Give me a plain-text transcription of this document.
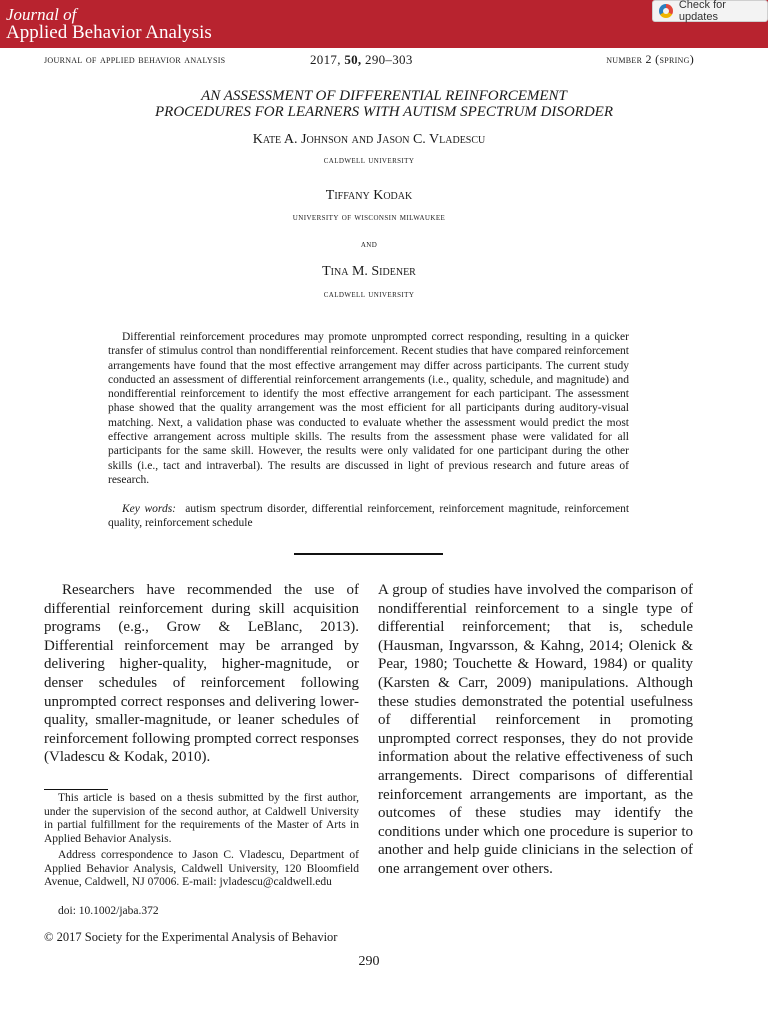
Journal of
Applied Behavior Analysis
Check for updates
journal of applied behavior analysis	2017, 50, 290–303	number 2 (spring)
AN ASSESSMENT OF DIFFERENTIAL REINFORCEMENT
PROCEDURES FOR LEARNERS WITH AUTISM SPECTRUM DISORDER
Kate A. Johnson and Jason C. Vladescu
caldwell university
Tiffany Kodak
university of wisconsin milwaukee
and
Tina M. Sidener
caldwell university

Differential reinforcement procedures may promote unprompted correct responding, resulting in a quicker transfer of stimulus control than nondifferential reinforcement. Recent studies that have compared reinforcement arrangements have found that the most effective arrangement may differ across participants. The current study conducted an assessment of differential reinforcement arrangements (i.e., quality, schedule, and magnitude) and nondifferential reinforcement to identify the most effective arrangement for each participant. The assessment phase showed that the quality arrangement was the most efficient for all participants during auditory-visual matching. Next, a validation phase was conducted to evaluate whether the assessment would predict the most effective arrangement across multiple skills. The results from the assessment phase were validated for all participants for the same skill. However, the results were only validated for one participant during the other skills (i.e., tact and intraverbal). The results are discussed in light of previous research and future areas of research.

Key words: autism spectrum disorder, differential reinforcement, reinforcement magnitude, reinforcement quality, reinforcement schedule

Researchers have recommended the use of differential reinforcement during skill acquisition programs (e.g., Grow & LeBlanc, 2013). Differential reinforcement may be arranged by delivering higher-quality, higher-magnitude, or denser schedules of reinforcement following unprompted correct responses and delivering lower-quality, smaller-magnitude, or leaner schedules of reinforcement following prompted correct responses (Vladescu & Kodak, 2010).

A group of studies have involved the comparison of nondifferential reinforcement to a single type of differential reinforcement; that is, schedule (Hausman, Ingvarsson, & Kahng, 2014; Olenick & Pear, 1980; Touchette & Howard, 1984) or quality (Karsten & Carr, 2009) manipulations. Although these studies demonstrated the potential usefulness of differential reinforcement in promoting unprompted correct responses, they do not provide information about the relative effectiveness of such arrangements. Direct comparisons of differential reinforcement arrangements are important, as the outcomes of these studies may identify the conditions under which one procedure is superior to another and help guide clinicians in the selection of one arrangement over others.

This article is based on a thesis submitted by the first author, under the supervision of the second author, at Caldwell University in partial fulfillment for the requirements of the Master of Arts in Applied Behavior Analysis.

Address correspondence to Jason C. Vladescu, Department of Applied Behavior Analysis, Caldwell University, 120 Bloomfield Avenue, Caldwell, NJ 07006. E-mail: jvladescu@caldwell.edu

doi: 10.1002/jaba.372

© 2017 Society for the Experimental Analysis of Behavior
290
